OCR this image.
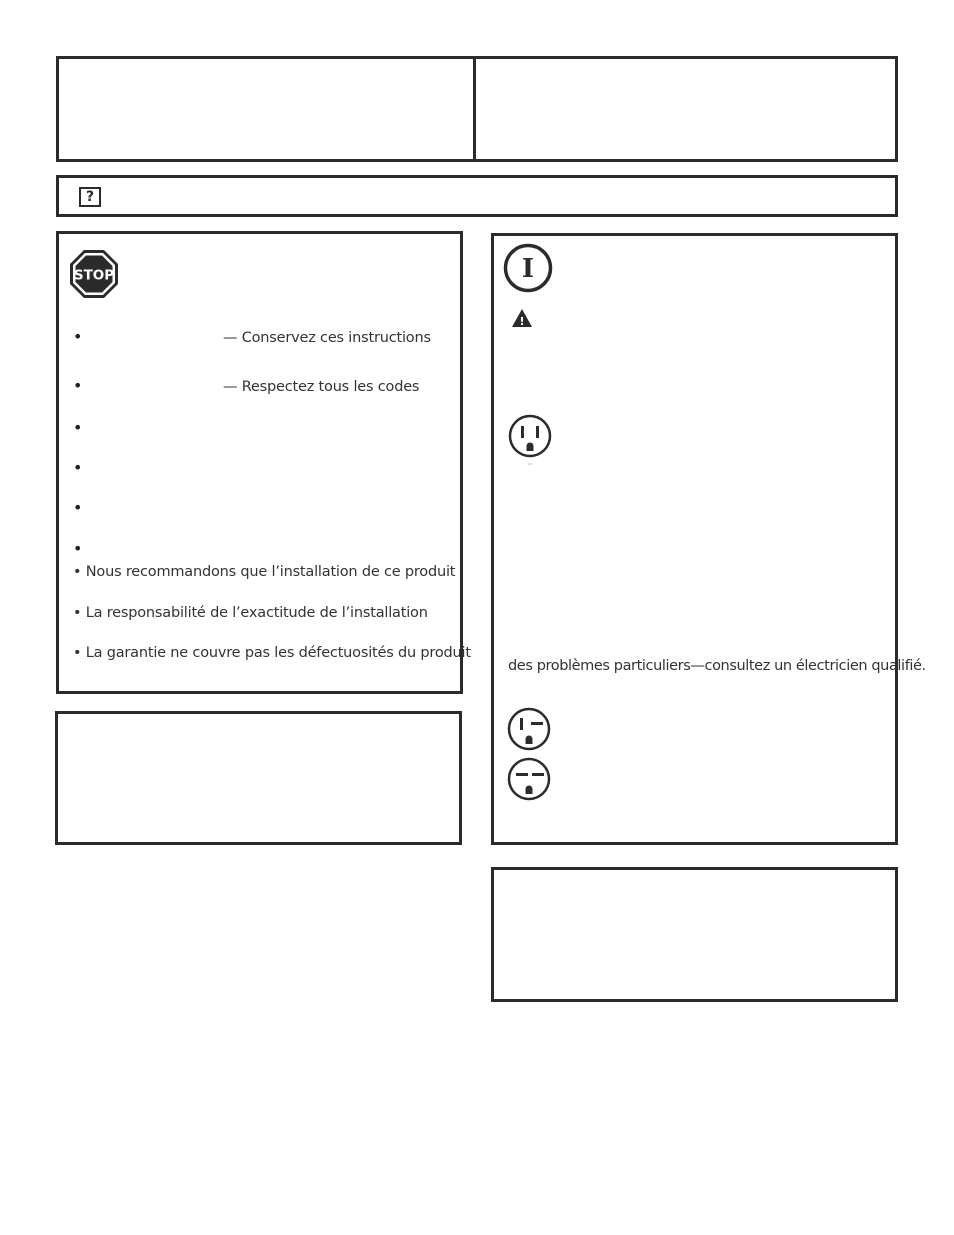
?
STOP
•	— Conservez ces instructions
•	— Respectez tous les codes
•
•
•
•
• Nous recommandons que l’installation de ce produit
• La responsabilité de l’exactitude de l’installation
• La garantie ne couvre pas les défectuosités du produit
I
!
des problèmes particuliers—consultez un électricien qualifié.
